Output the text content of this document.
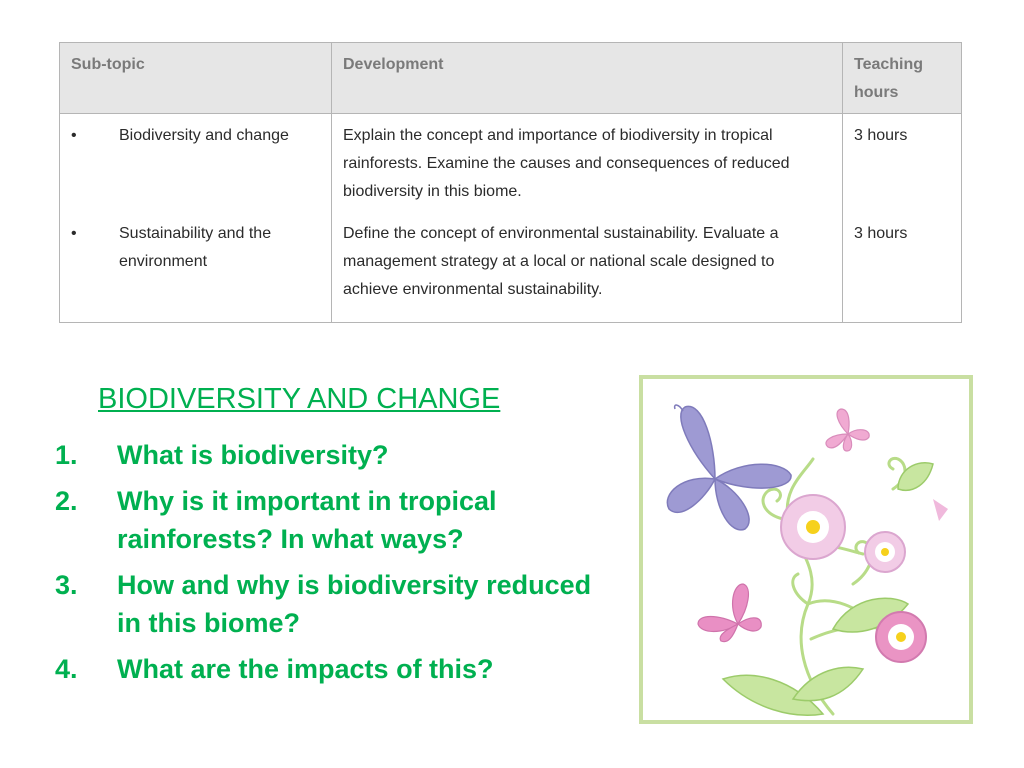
Sub-topic	Development	Teaching hours

• Biodiversity and change	Explain the concept and importance of biodiversity in tropical rainforests. Examine the causes and consequences of reduced biodiversity in this biome.	3 hours

• Sustainability and the environment	Define the concept of environmental sustainability. Evaluate a management strategy at a local or national scale designed to achieve environmental sustainability.	3 hours

BIODIVERSITY AND CHANGE
1.	What is biodiversity?
2.	Why is it important in tropical rainforests? In what ways?
3.	How and why is biodiversity reduced in this biome?
4.	What are the impacts of this?
